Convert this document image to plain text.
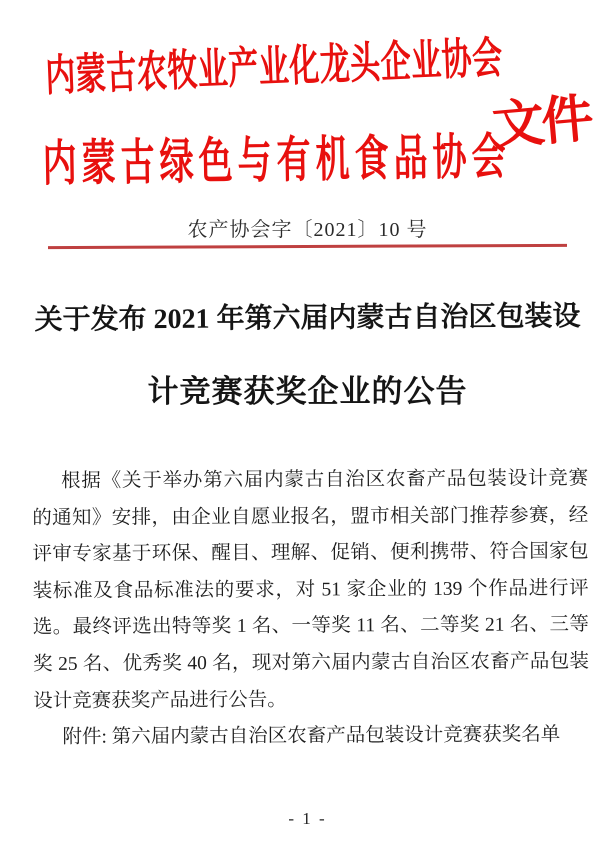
内蒙古农牧业产业化龙头企业协会
内蒙古绿色与有机食品协会
文件
农产协会字〔2021〕10 号
关于发布 2021 年第六届内蒙古自治区包装设
计竞赛获奖企业的公告
根据《关于举办第六届内蒙古自治区农畜产品包装设计竞赛
的通知》安排，由企业自愿业报名，盟市相关部门推荐参赛，经
评审专家基于环保、醒目、理解、促销、便利携带、符合国家包
装标准及食品标准法的要求，对 51 家企业的 139 个作品进行评
选。最终评选出特等奖 1 名、一等奖 11 名、二等奖 21 名、三等
奖 25 名、优秀奖 40 名，现对第六届内蒙古自治区农畜产品包装
设计竞赛获奖产品进行公告。
附件: 第六届内蒙古自治区农畜产品包装设计竞赛获奖名单
- 1 -
